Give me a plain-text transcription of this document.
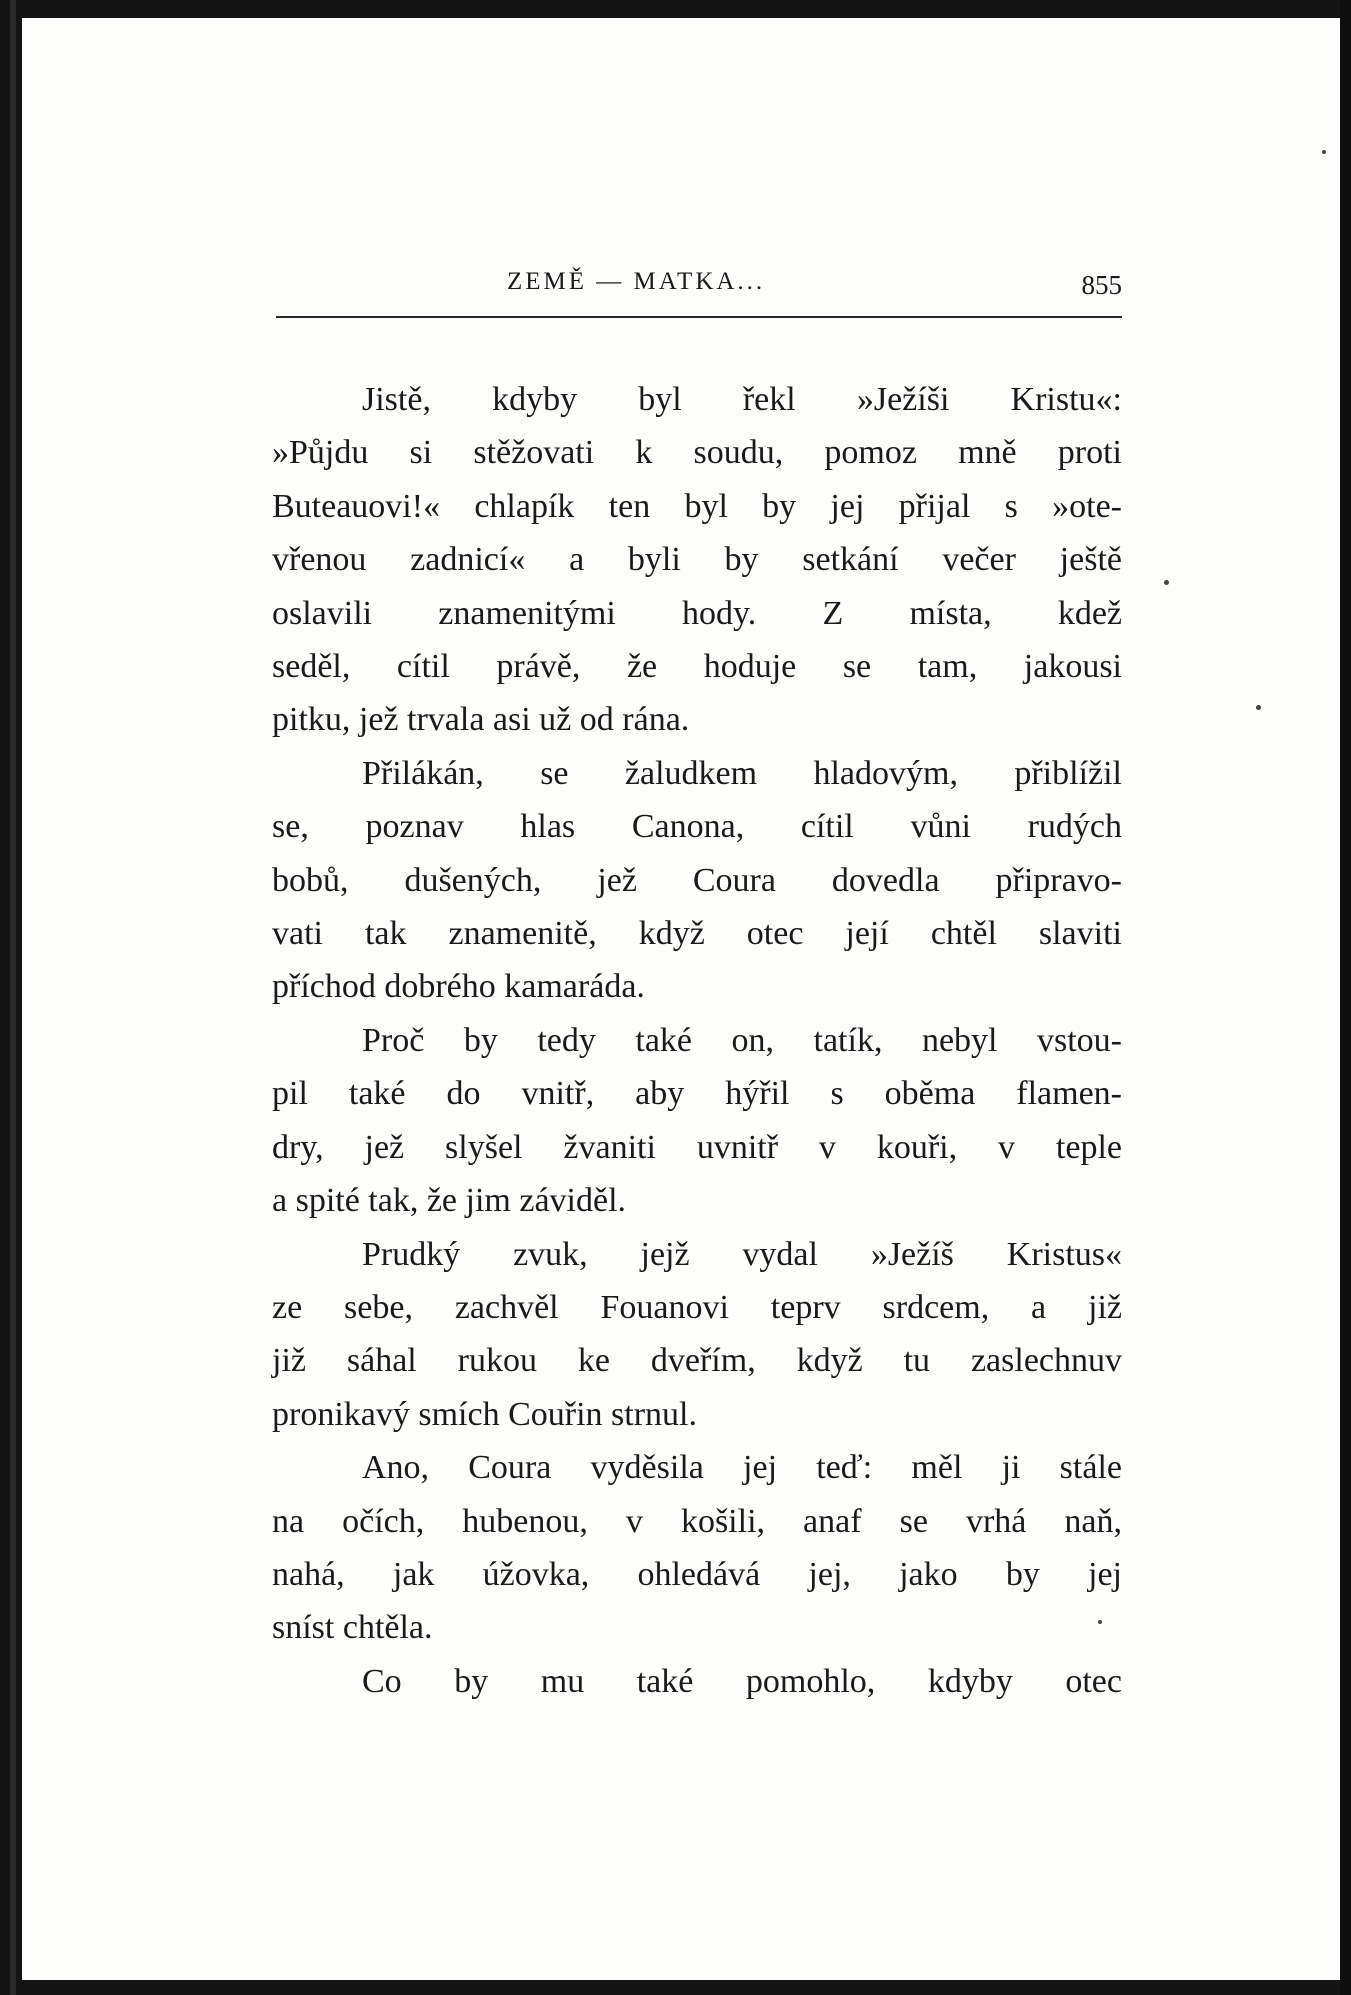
ZEMĚ — MATKA...	855
Jistě, kdyby byl řekl »Ježíši Kristu«:
»Půjdu si stěžovati k soudu, pomoz mně proti
Buteauovi!« chlapík ten byl by jej přijal s »ote-
vřenou zadnicí« a byli by setkání večer ještě
oslavili znamenitými hody. Z místa, kdež
seděl, cítil právě, že hoduje se tam, jakousi
pitku, jež trvala asi už od rána.
Přilákán, se žaludkem hladovým, přiblížil
se, poznav hlas Canona, cítil vůni rudých
bobů, dušených, jež Coura dovedla připravo-
vati tak znamenitě, když otec její chtěl slaviti
příchod dobrého kamaráda.
Proč by tedy také on, tatík, nebyl vstou-
pil také do vnitř, aby hýřil s oběma flamen-
dry, jež slyšel žvaniti uvnitř v kouři, v teple
a spité tak, že jim záviděl.
Prudký zvuk, jejž vydal »Ježíš Kristus«
ze sebe, zachvěl Fouanovi teprv srdcem, a již
již sáhal rukou ke dveřím, když tu zaslechnuv
pronikavý smích Couřin strnul.
Ano, Coura vyděsila jej teď: měl ji stále
na očích, hubenou, v košili, anaf se vrhá naň,
nahá, jak úžovka, ohledává jej, jako by jej
sníst chtěla.
Co by mu také pomohlo, kdyby otec
